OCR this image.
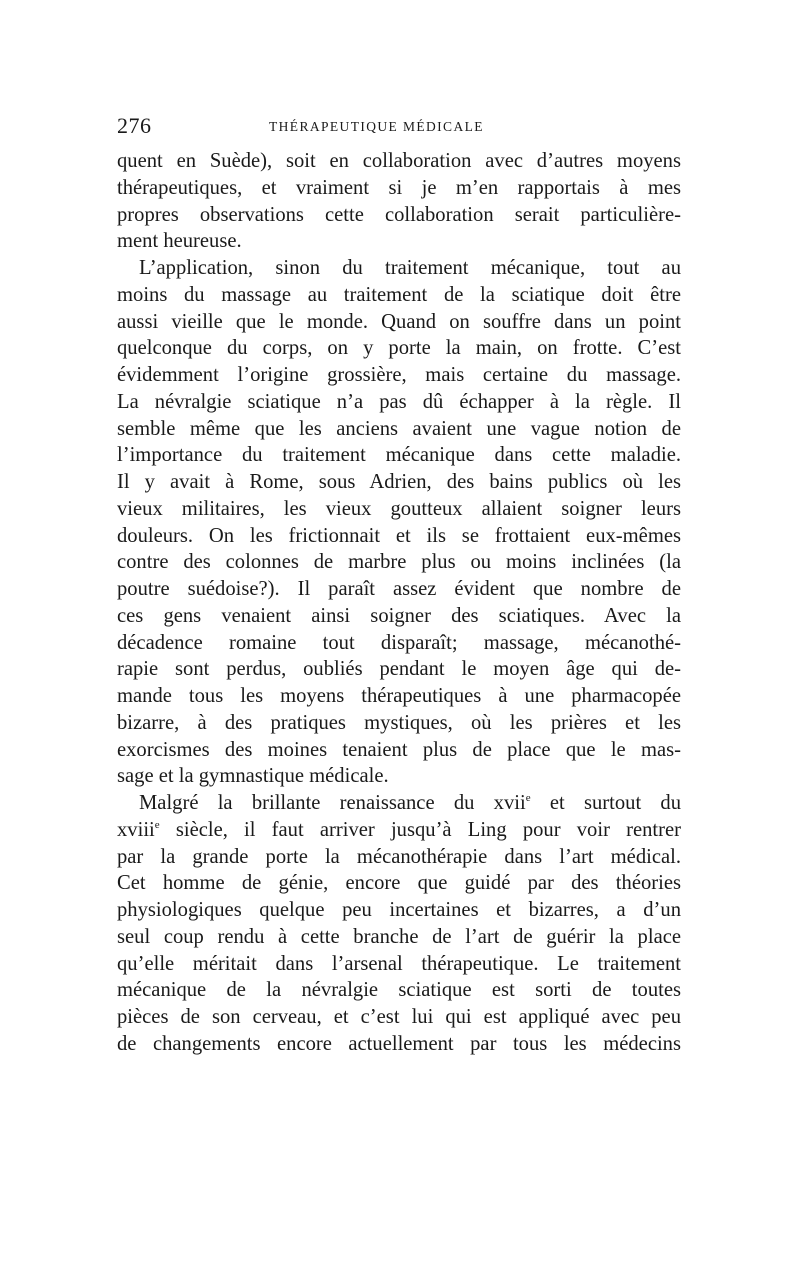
276	THÉRAPEUTIQUE MÉDICALE

quent en Suède), soit en collaboration avec d’autres moyens
thérapeutiques, et vraiment si je m’en rapportais à mes
propres observations cette collaboration serait particulière-
ment heureuse.

L’application, sinon du traitement mécanique, tout au
moins du massage au traitement de la sciatique doit être
aussi vieille que le monde. Quand on souffre dans un point
quelconque du corps, on y porte la main, on frotte. C’est
évidemment l’origine grossière, mais certaine du massage.
La névralgie sciatique n’a pas dû échapper à la règle. Il
semble même que les anciens avaient une vague notion de
l’importance du traitement mécanique dans cette maladie.
Il y avait à Rome, sous Adrien, des bains publics où les
vieux militaires, les vieux goutteux allaient soigner leurs
douleurs. On les frictionnait et ils se frottaient eux-mêmes
contre des colonnes de marbre plus ou moins inclinées (la
poutre suédoise?). Il paraît assez évident que nombre de
ces gens venaient ainsi soigner des sciatiques. Avec la
décadence romaine tout disparaît; massage, mécanothé-
rapie sont perdus, oubliés pendant le moyen âge qui de-
mande tous les moyens thérapeutiques à une pharmacopée
bizarre, à des pratiques mystiques, où les prières et les
exorcismes des moines tenaient plus de place que le mas-
sage et la gymnastique médicale.

Malgré la brillante renaissance du xvii$^e$ et surtout du
xviii$^e$ siècle, il faut arriver jusqu’à Ling pour voir rentrer
par la grande porte la mécanothérapie dans l’art médical.
Cet homme de génie, encore que guidé par des théories
physiologiques quelque peu incertaines et bizarres, a d’un
seul coup rendu à cette branche de l’art de guérir la place
qu’elle méritait dans l’arsenal thérapeutique. Le traitement
mécanique de la névralgie sciatique est sorti de toutes
pièces de son cerveau, et c’est lui qui est appliqué avec peu
de changements encore actuellement par tous les médecins
